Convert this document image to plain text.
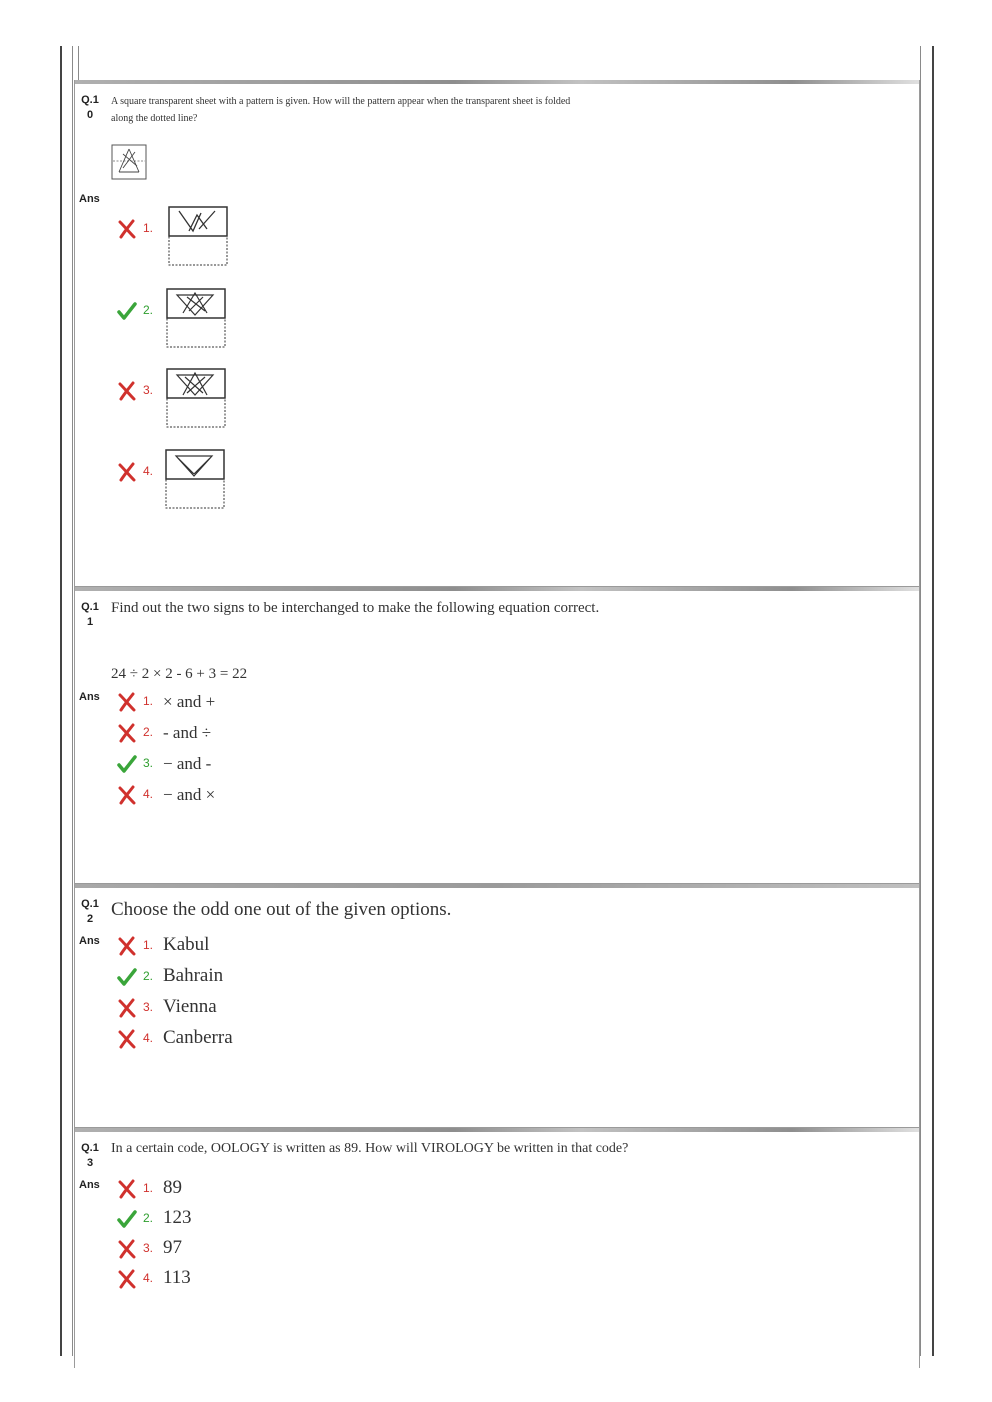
Q.1
0
A square transparent sheet with a pattern is given. How will the pattern appear when the transparent sheet is folded
along the dotted line?
Ans
1.
2.
3.
4.
Q.1
1
Find out the two signs to be interchanged to make the following equation correct.
24 ÷ 2 × 2 - 6 + 3 = 22
Ans	1. × and +
2. - and ÷
3. − and -
4. − and ×
Q.1
2 Choose the odd one out of the given options.
Ans	1. Kabul
2. Bahrain
3. Vienna
4. Canberra
Q.1
3
In a certain code, OOLOGY is written as 89. How will VIROLOGY be written in that code?
Ans	1. 89
2. 123
3. 97
4. 113
